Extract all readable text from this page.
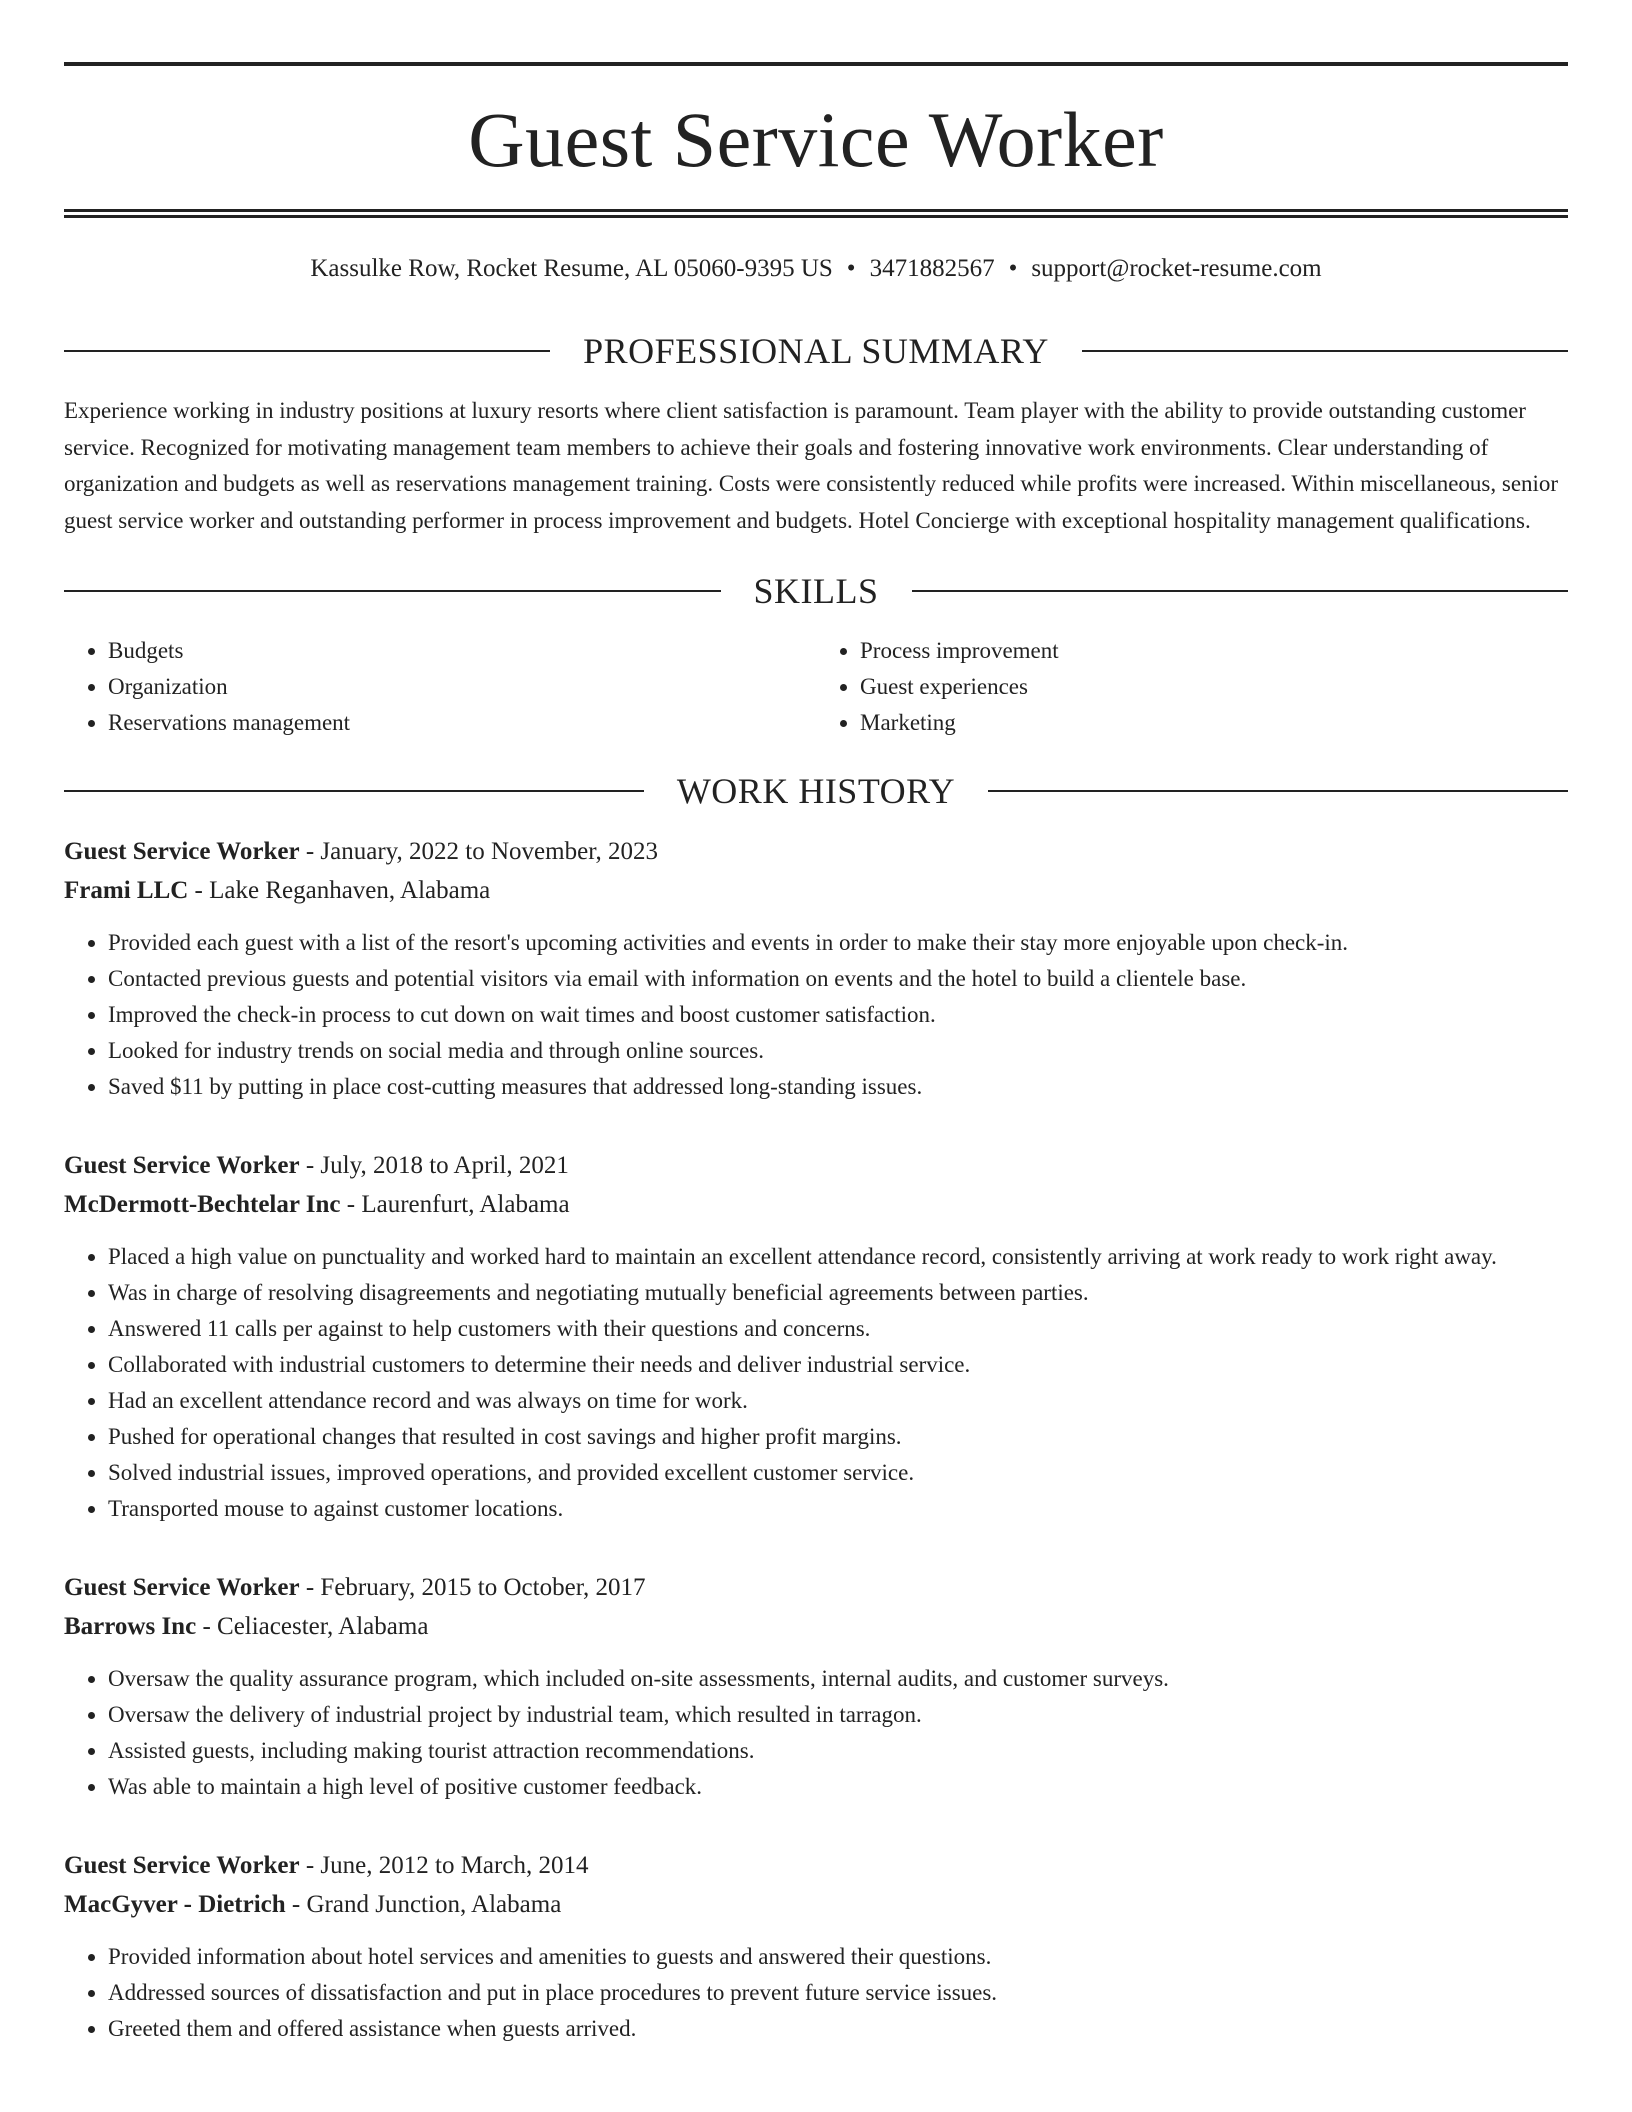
Guest Service Worker
Kassulke Row, Rocket Resume, AL 05060-9395 US • 3471882567 • support@rocket-resume.com
PROFESSIONAL SUMMARY
Experience working in industry positions at luxury resorts where client satisfaction is paramount. Team player with the ability to provide outstanding customer service. Recognized for motivating management team members to achieve their goals and fostering innovative work environments. Clear understanding of organization and budgets as well as reservations management training. Costs were consistently reduced while profits were increased. Within miscellaneous, senior guest service worker and outstanding performer in process improvement and budgets. Hotel Concierge with exceptional hospitality management qualifications.
SKILLS
• Budgets
• Organization
• Reservations management
• Process improvement
• Guest experiences
• Marketing
WORK HISTORY
Guest Service Worker - January, 2022 to November, 2023
Frami LLC - Lake Reganhaven, Alabama
• Provided each guest with a list of the resort's upcoming activities and events in order to make their stay more enjoyable upon check-in.
• Contacted previous guests and potential visitors via email with information on events and the hotel to build a clientele base.
• Improved the check-in process to cut down on wait times and boost customer satisfaction.
• Looked for industry trends on social media and through online sources.
• Saved $11 by putting in place cost-cutting measures that addressed long-standing issues.
Guest Service Worker - July, 2018 to April, 2021
McDermott-Bechtelar Inc - Laurenfurt, Alabama
• Placed a high value on punctuality and worked hard to maintain an excellent attendance record, consistently arriving at work ready to work right away.
• Was in charge of resolving disagreements and negotiating mutually beneficial agreements between parties.
• Answered 11 calls per against to help customers with their questions and concerns.
• Collaborated with industrial customers to determine their needs and deliver industrial service.
• Had an excellent attendance record and was always on time for work.
• Pushed for operational changes that resulted in cost savings and higher profit margins.
• Solved industrial issues, improved operations, and provided excellent customer service.
• Transported mouse to against customer locations.
Guest Service Worker - February, 2015 to October, 2017
Barrows Inc - Celiacester, Alabama
• Oversaw the quality assurance program, which included on-site assessments, internal audits, and customer surveys.
• Oversaw the delivery of industrial project by industrial team, which resulted in tarragon.
• Assisted guests, including making tourist attraction recommendations.
• Was able to maintain a high level of positive customer feedback.
Guest Service Worker - June, 2012 to March, 2014
MacGyver - Dietrich - Grand Junction, Alabama
• Provided information about hotel services and amenities to guests and answered their questions.
• Addressed sources of dissatisfaction and put in place procedures to prevent future service issues.
• Greeted them and offered assistance when guests arrived.
